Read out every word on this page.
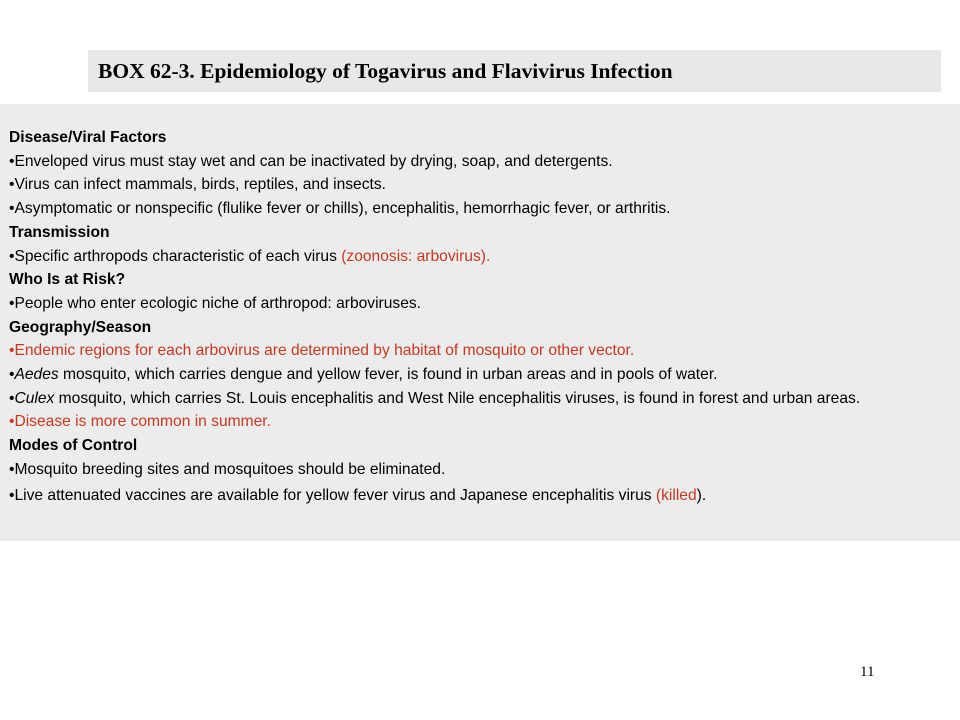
BOX 62-3. Epidemiology of Togavirus and Flavivirus Infection
Disease/Viral Factors
•Enveloped virus must stay wet and can be inactivated by drying, soap, and detergents.
•Virus can infect mammals, birds, reptiles, and insects.
•Asymptomatic or nonspecific (flulike fever or chills), encephalitis, hemorrhagic fever, or arthritis.
Transmission
•Specific arthropods characteristic of each virus (zoonosis: arbovirus).
Who Is at Risk?
•People who enter ecologic niche of arthropod: arboviruses.
Geography/Season
•Endemic regions for each arbovirus are determined by habitat of mosquito or other vector.
•Aedes mosquito, which carries dengue and yellow fever, is found in urban areas and in pools of water.
•Culex mosquito, which carries St. Louis encephalitis and West Nile encephalitis viruses, is found in forest and urban areas.
•Disease is more common in summer.
Modes of Control
•Mosquito breeding sites and mosquitoes should be eliminated.
•Live attenuated vaccines are available for yellow fever virus and Japanese encephalitis virus (killed).
11
